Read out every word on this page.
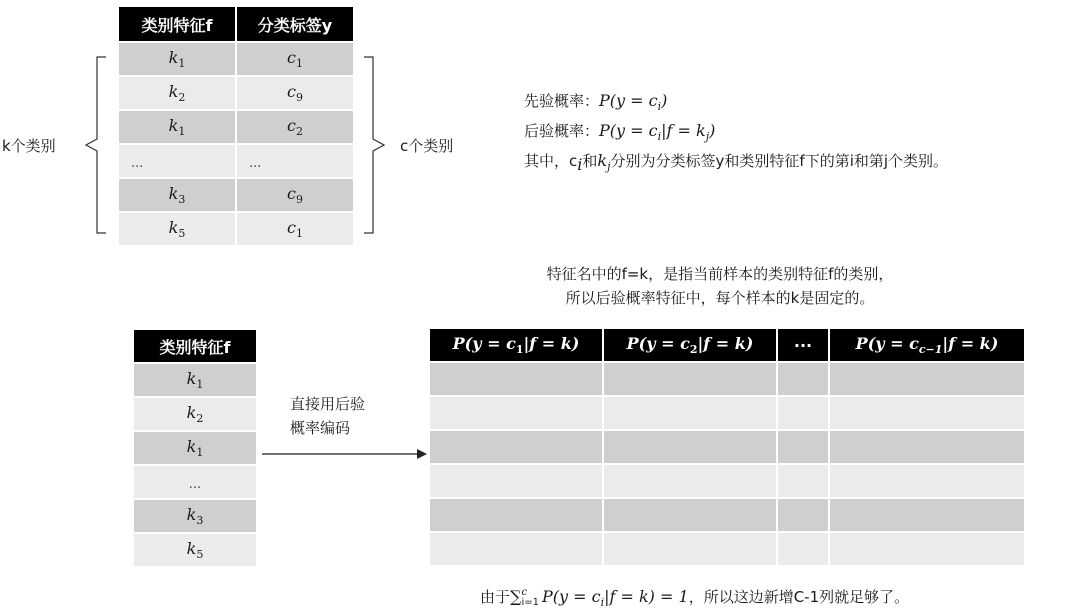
类别特征f	分类标签y
$k_1$	$c_1$
$k_2$	$c_9$
$k_1$	$c_2$
...	...
$k_3$	$c_9$
$k_5$	$c_1$
k个类别	c个类别
先验概率：$P(y = c_i)$
后验概率：$P(y = c_i|f = k_j)$
其中，$c_i$和$k_j$分别为分类标签y和类别特征f下的第i和第j个类别。
特征名中的f=k，是指当前样本的类别特征f的类别，
所以后验概率特征中，每个样本的k是固定的。
类别特征f
$k_1$
$k_2$
$k_1$
...
$k_3$
$k_5$
直接用后验
概率编码
$P(y = c_1|f = k)$	$P(y = c_2|f = k)$	···	$P(y = c_{c-1}|f = k)$

由于∑ c
i=1 $P(y = c_i|f = k) = 1$，所以这边新增C-1列就足够了。
